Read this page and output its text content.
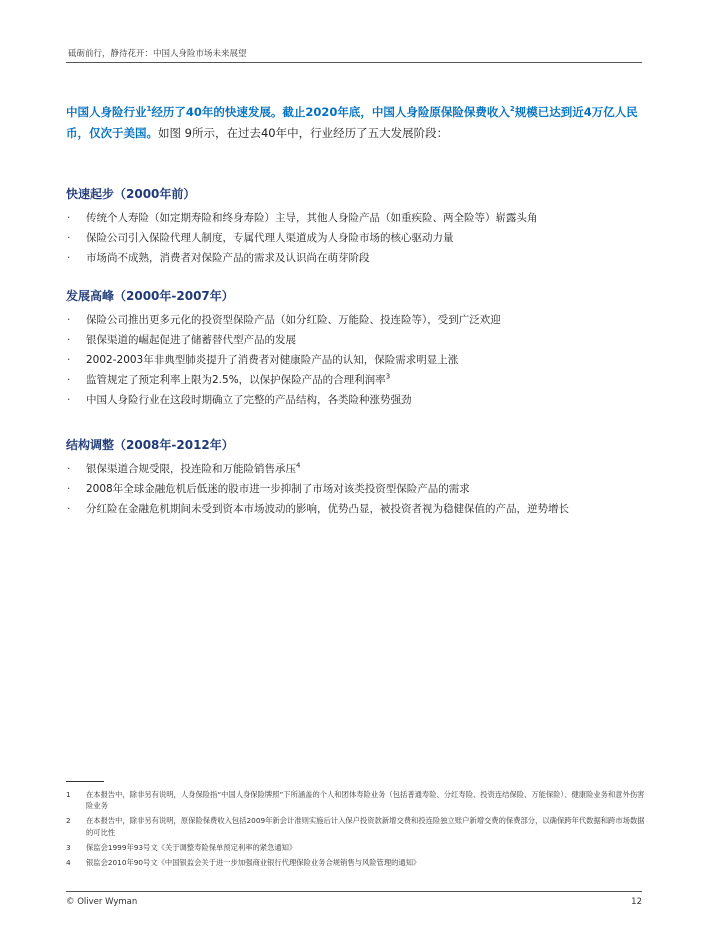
砥砺前行，静待花开：中国人身险市场未来展望

中国人身险行业$^1$经历了40年的快速发展。截止2020年底，中国人身险原保险保费收入$^2$规模已达到近4万亿人民币，仅次于美国。如图 9所示，在过去40年中，行业经历了五大发展阶段：

快速起步（2000年前）
· 传统个人寿险（如定期寿险和终身寿险）主导，其他人身险产品（如重疾险、两全险等）崭露头角
· 保险公司引入保险代理人制度，专属代理人渠道成为人身险市场的核心驱动力量
· 市场尚不成熟，消费者对保险产品的需求及认识尚在萌芽阶段
发展高峰（2000年-2007年）
· 保险公司推出更多元化的投资型保险产品（如分红险、万能险、投连险等），受到广泛欢迎
· 银保渠道的崛起促进了储蓄替代型产品的发展
· 2002-2003年非典型肺炎提升了消费者对健康险产品的认知，保险需求明显上涨
· 监管规定了预定利率上限为2.5%，以保护保险产品的合理利润率$^3$
· 中国人身险行业在这段时期确立了完整的产品结构，各类险种涨势强劲
结构调整（2008年-2012年）
· 银保渠道合规受限，投连险和万能险销售承压$^4$
· 2008年全球金融危机后低迷的股市进一步抑制了市场对该类投资型保险产品的需求
· 分红险在金融危机期间未受到资本市场波动的影响，优势凸显，被投资者视为稳健保值的产品，逆势增长
1 在本报告中，除非另有说明，人身保险指“中国人身保险牌照”下所涵盖的个人和团体寿险业务（包括普通寿险、分红寿险、投资连结保险、万能保险）、健康险业务和意外伤害险业务
2 在本报告中，除非另有说明，原保险保费收入包括2009年新会计准则实施后计入保户投资款新增交费和投连险独立账户新增交费的保费部分，以确保跨年代数据和跨市场数据的可比性
3 保监会1999年93号文《关于调整寿险保单预定利率的紧急通知》
4 银监会2010年90号文《中国银监会关于进一步加强商业银行代理保险业务合规销售与风险管理的通知》
© Oliver Wyman	12
